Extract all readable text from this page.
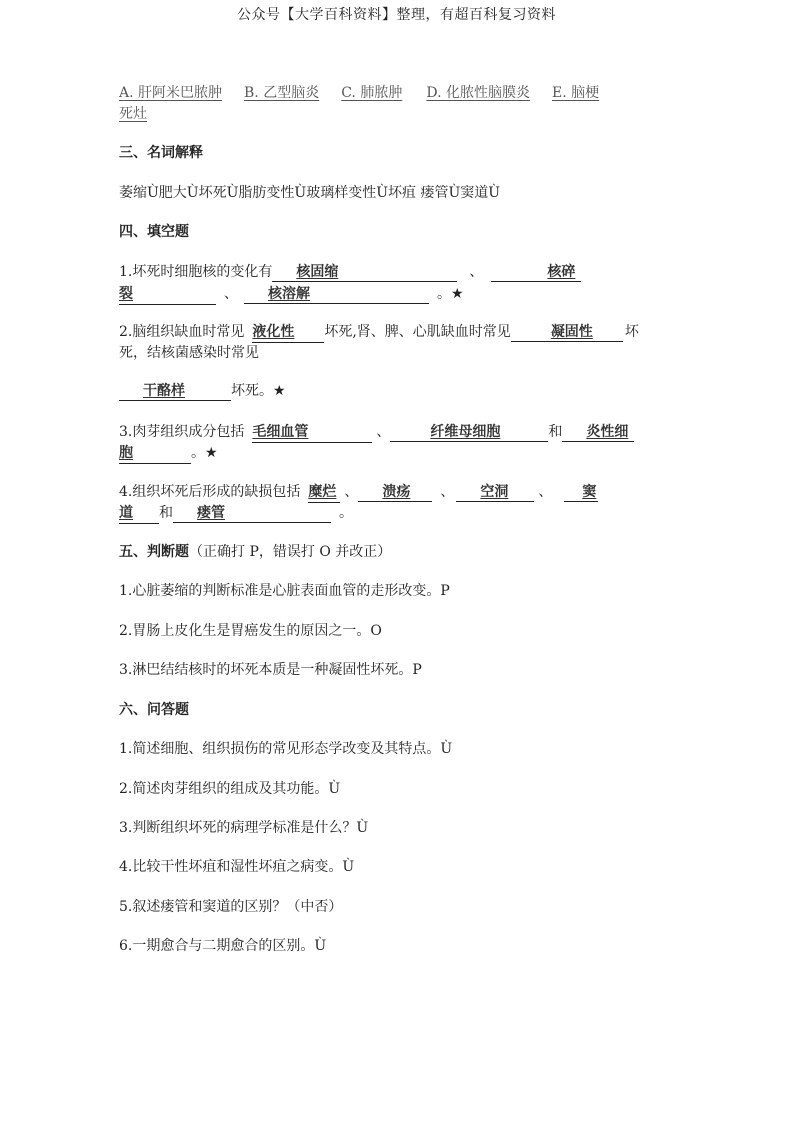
公众号【大学百科资料】整理，有超百科复习资料
A. 肝阿米巴脓肿 B. 乙型脑炎 C. 肺脓肿 D. 化脓性脑膜炎 E. 脑梗
死灶
三、名词解释
萎缩Ù肥大Ù坏死Ù脂肪变性Ù玻璃样变性Ù坏疽 瘘管Ù窦道Ù
四、填空题
1.坏死时细胞核的变化有 核固缩	、	核碎
裂	、 核溶解	。★
2.脑组织缺血时常见 液化性 坏死,肾、脾、心肌缺血时常见	凝固性 坏
死，结核菌感染时常见
干酪样	坏死。★
3.肉芽组织成分包括 毛细血管	、	纤维母细胞	和 炎性细
胞	。★
4.组织坏死后形成的缺损包括 糜烂 、 溃疡 、 空洞 、 窦
道 和 瘘管	。
五、判断题（正确打 P，错误打 O 并改正）
1.心脏萎缩的判断标准是心脏表面血管的走形改变。P
2.胃肠上皮化生是胃癌发生的原因之一。O
3.淋巴结结核时的坏死本质是一种凝固性坏死。P
六、问答题
1.简述细胞、组织损伤的常见形态学改变及其特点。Ù
2.简述肉芽组织的组成及其功能。Ù
3.判断组织坏死的病理学标准是什么？Ù
4.比较干性坏疽和湿性坏疽之病变。Ù
5.叙述瘘管和窦道的区别？（中否）
6.一期愈合与二期愈合的区别。Ù
